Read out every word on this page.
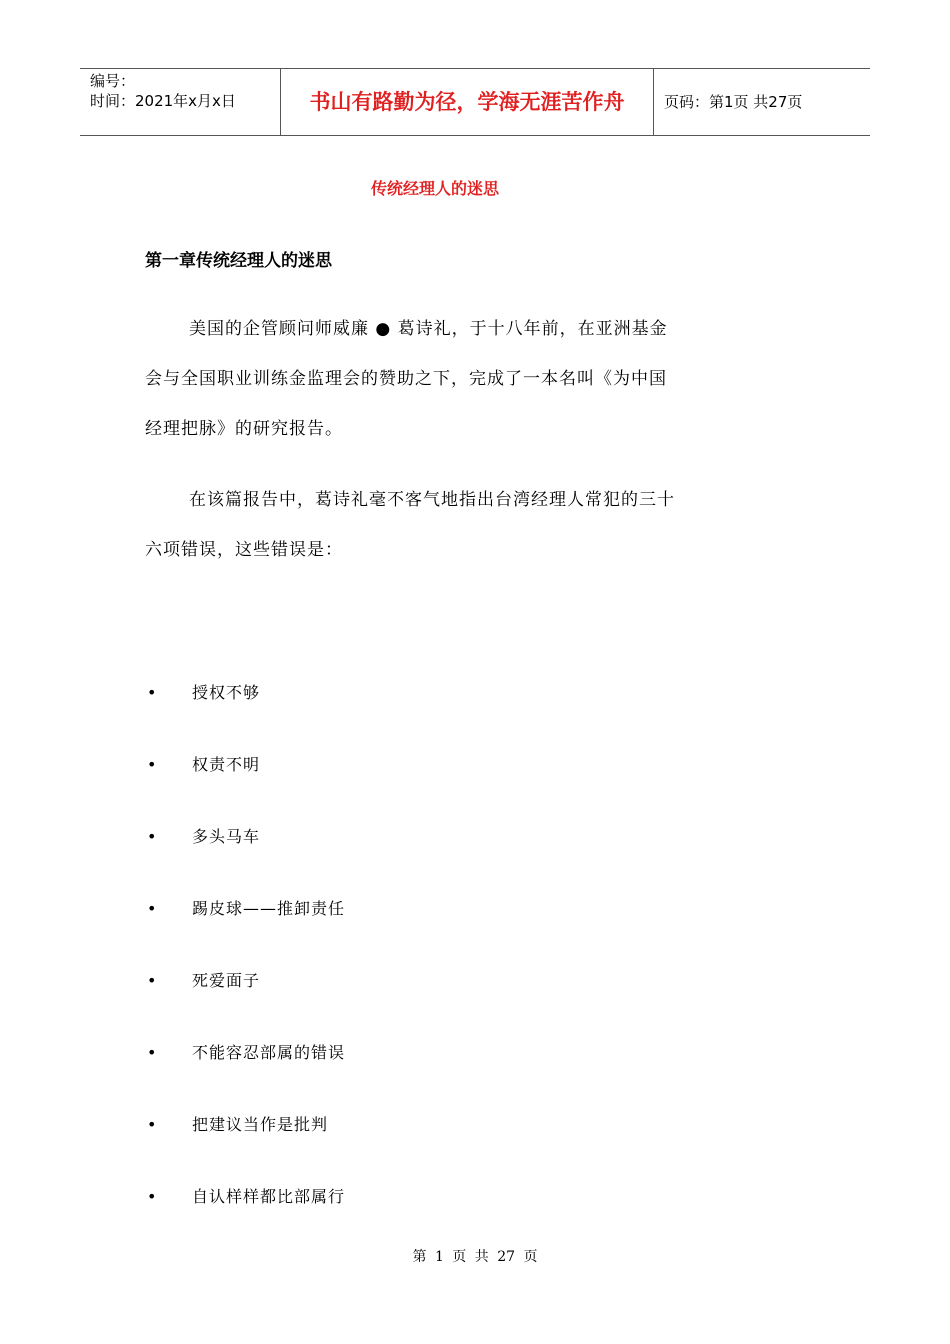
编号：
时间：2021年x月x日	书山有路勤为径，学海无涯苦作舟	页码：第1页 共27页
传统经理人的迷思
第一章传统经理人的迷思
美国的企管顾问师威廉 ● 葛诗礼，于十八年前，在亚洲基金
会与全国职业训练金监理会的赞助之下，完成了一本名叫《为中国
经理把脉》的研究报告。
在该篇报告中，葛诗礼毫不客气地指出台湾经理人常犯的三十
六项错误，这些错误是：
• 授权不够
• 权责不明
• 多头马车
• 踢皮球——推卸责任
• 死爱面子
• 不能容忍部属的错误
• 把建议当作是批判
• 自认样样都比部属行
第 1 页 共 27 页
